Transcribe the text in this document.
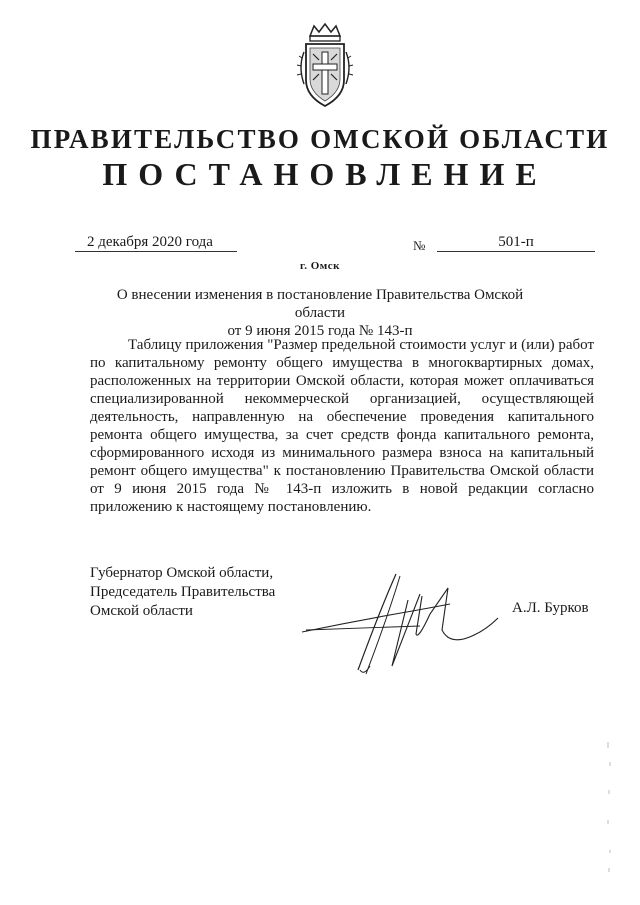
ПРАВИТЕЛЬСТВО ОМСКОЙ ОБЛАСТИ
ПОСТАНОВЛЕНИЕ
2 декабря 2020 года	№	501-п
г. Омск
О внесении изменения в постановление Правительства Омской области
от 9 июня 2015 года № 143-п

Таблицу приложения "Размер предельной стоимости услуг и (или) работ по капитальному ремонту общего имущества в многоквартирных домах, расположенных на территории Омской области, которая может оплачиваться специализированной некоммерческой организацией, осуществляющей деятельность, направленную на обеспечение проведения капитального ремонта общего имущества, за счет средств фонда капитального ремонта, сформированного исходя из минимального размера взноса на капитальный ремонт общего имущества" к постановлению Правительства Омской области от 9 июня 2015 года № 143-п изложить в новой редакции согласно приложению к настоящему постановлению.

Губернатор Омской области,
Председатель Правительства
Омской области	А.Л. Бурков
